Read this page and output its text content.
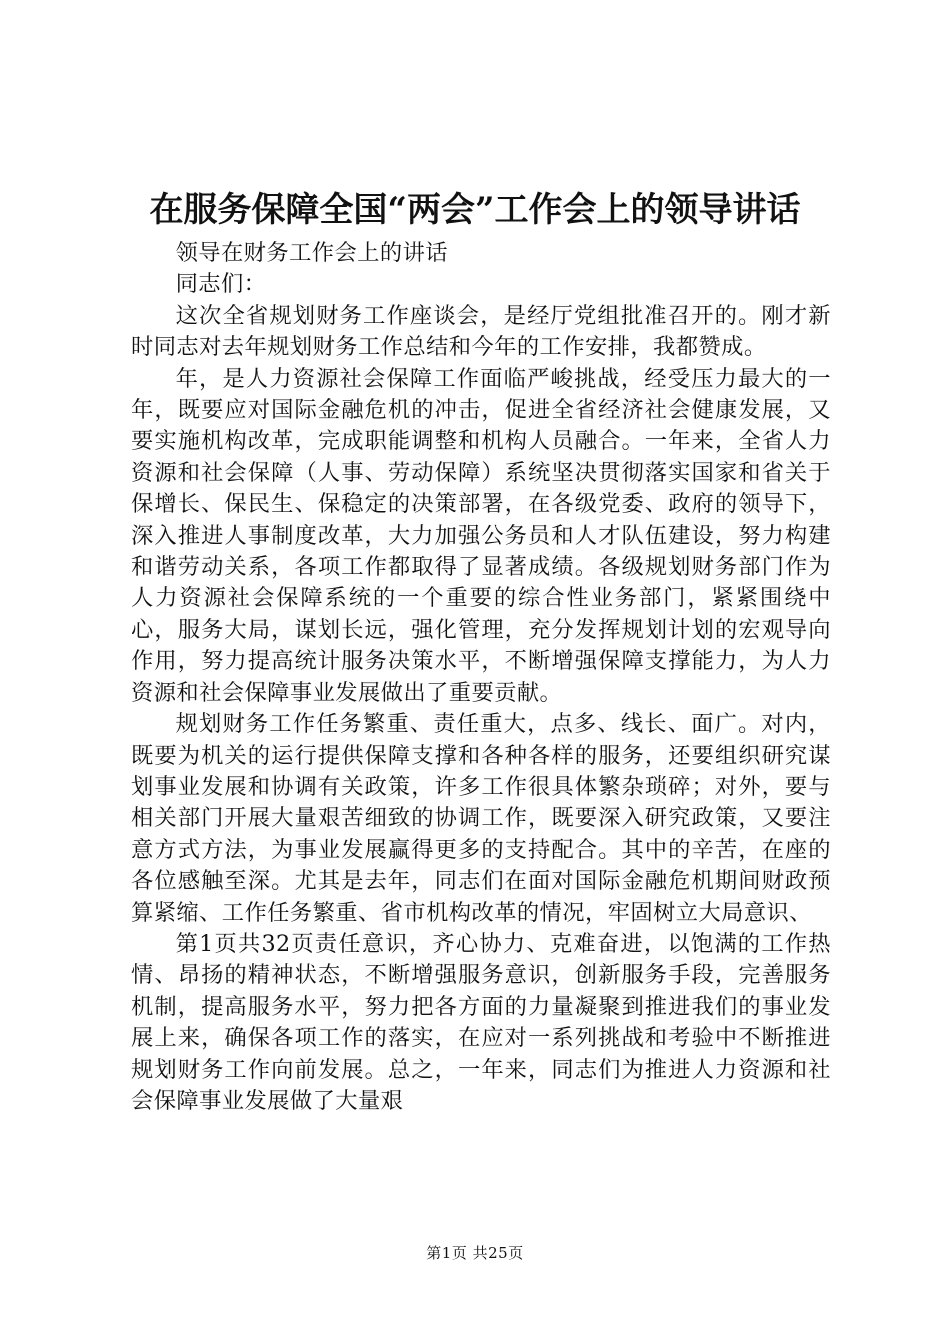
在服务保障全国“两会”工作会上的领导讲话

领导在财务工作会上的讲话

同志们：

这次全省规划财务工作座谈会，是经厅党组批准召开的。刚才新时同志对去年规划财务工作总结和今年的工作安排，我都赞成。

年，是人力资源社会保障工作面临严峻挑战，经受压力最大的一年，既要应对国际金融危机的冲击，促进全省经济社会健康发展，又要实施机构改革，完成职能调整和机构人员融合。一年来，全省人力资源和社会保障（人事、劳动保障）系统坚决贯彻落实国家和省关于保增长、保民生、保稳定的决策部署，在各级党委、政府的领导下，深入推进人事制度改革，大力加强公务员和人才队伍建设，努力构建和谐劳动关系，各项工作都取得了显著成绩。各级规划财务部门作为人力资源社会保障系统的一个重要的综合性业务部门，紧紧围绕中心，服务大局，谋划长远，强化管理，充分发挥规划计划的宏观导向作用，努力提高统计服务决策水平，不断增强保障支撑能力，为人力资源和社会保障事业发展做出了重要贡献。

规划财务工作任务繁重、责任重大，点多、线长、面广。对内，既要为机关的运行提供保障支撑和各种各样的服务，还要组织研究谋划事业发展和协调有关政策，许多工作很具体繁杂琐碎；对外，要与相关部门开展大量艰苦细致的协调工作，既要深入研究政策，又要注意方式方法，为事业发展赢得更多的支持配合。其中的辛苦，在座的各位感触至深。尤其是去年，同志们在面对国际金融危机期间财政预算紧缩、工作任务繁重、省市机构改革的情况，牢固树立大局意识、

第1页共32页责任意识，齐心协力、克难奋进，以饱满的工作热情、昂扬的精神状态，不断增强服务意识，创新服务手段，完善服务机制，提高服务水平，努力把各方面的力量凝聚到推进我们的事业发展上来，确保各项工作的落实，在应对一系列挑战和考验中不断推进规划财务工作向前发展。总之，一年来，同志们为推进人力资源和社会保障事业发展做了大量艰

第1页 共25页
